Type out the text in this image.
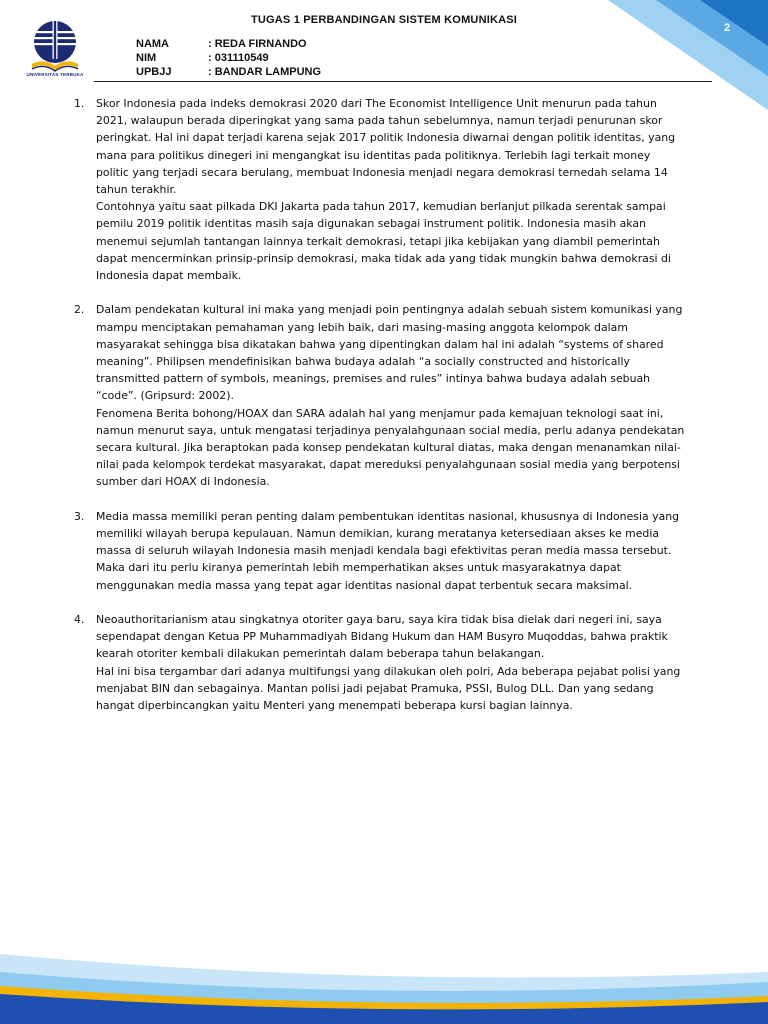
2
UNIVERSITAS TERBUKA
TUGAS 1 PERBANDINGAN SISTEM KOMUNIKASI
NAMA	: REDA FIRNANDO
NIM	: 031110549
UPBJJ	: BANDAR LAMPUNG
1.	Skor Indonesia pada indeks demokrasi 2020 dari The Economist Intelligence Unit menurun pada tahun 2021, walaupun berada diperingkat yang sama pada tahun sebelumnya, namun terjadi penurunan skor peringkat. Hal ini dapat terjadi karena sejak 2017 politik Indonesia diwarnai dengan politik identitas, yang mana para politikus dinegeri ini mengangkat isu identitas pada politiknya. Terlebih lagi terkait money politic yang terjadi secara berulang, membuat Indonesia menjadi negara demokrasi ternedah selama 14 tahun terakhir.

Contohnya yaitu saat pilkada DKI Jakarta pada tahun 2017, kemudian berlanjut pilkada serentak sampai pemilu 2019 politik identitas masih saja digunakan sebagai instrument politik. Indonesia masih akan menemui sejumlah tantangan lainnya terkait demokrasi, tetapi jika kebijakan yang diambil pemerintah dapat mencerminkan prinsip-prinsip demokrasi, maka tidak ada yang tidak mungkin bahwa demokrasi di Indonesia dapat membaik.

2.	Dalam pendekatan kultural ini maka yang menjadi poin pentingnya adalah sebuah sistem komunikasi yang mampu menciptakan pemahaman yang lebih baik, dari masing-masing anggota kelompok dalam masyarakat sehingga bisa dikatakan bahwa yang dipentingkan dalam hal ini adalah “systems of shared meaning”. Philipsen mendefinisikan bahwa budaya adalah “a socially constructed and historically transmitted pattern of symbols, meanings, premises and rules” intinya bahwa budaya adalah sebuah “code”. (Gripsurd: 2002).

Fenomena Berita bohong/HOAX dan SARA adalah hal yang menjamur pada kemajuan teknologi saat ini, namun menurut saya, untuk mengatasi terjadinya penyalahgunaan social media, perlu adanya pendekatan secara kultural. Jika beraptokan pada konsep pendekatan kultural diatas, maka dengan menanamkan nilai-nilai pada kelompok terdekat masyarakat, dapat mereduksi penyalahgunaan sosial media yang berpotensi sumber dari HOAX di Indonesia.

3.	Media massa memiliki peran penting dalam pembentukan identitas nasional, khususnya di Indonesia yang memiliki wilayah berupa kepulauan. Namun demikian, kurang meratanya ketersediaan akses ke media massa di seluruh wilayah Indonesia masih menjadi kendala bagi efektivitas peran media massa tersebut.

Maka dari itu perlu kiranya pemerintah lebih memperhatikan akses untuk masyarakatnya dapat menggunakan media massa yang tepat agar identitas nasional dapat terbentuk secara maksimal.

4.	Neoauthoritarianism atau singkatnya otoriter gaya baru, saya kira tidak bisa dielak dari negeri ini, saya sependapat dengan Ketua PP Muhammadiyah Bidang Hukum dan HAM Busyro Muqoddas, bahwa praktik kearah otoriter kembali dilakukan pemerintah dalam beberapa tahun belakangan.

Hal ini bisa tergambar dari adanya multifungsi yang dilakukan oleh polri, Ada beberapa pejabat polisi yang menjabat BIN dan sebagainya. Mantan polisi jadi pejabat Pramuka, PSSI, Bulog DLL. Dan yang sedang hangat diperbincangkan yaitu Menteri yang menempati beberapa kursi bagian lainnya.
